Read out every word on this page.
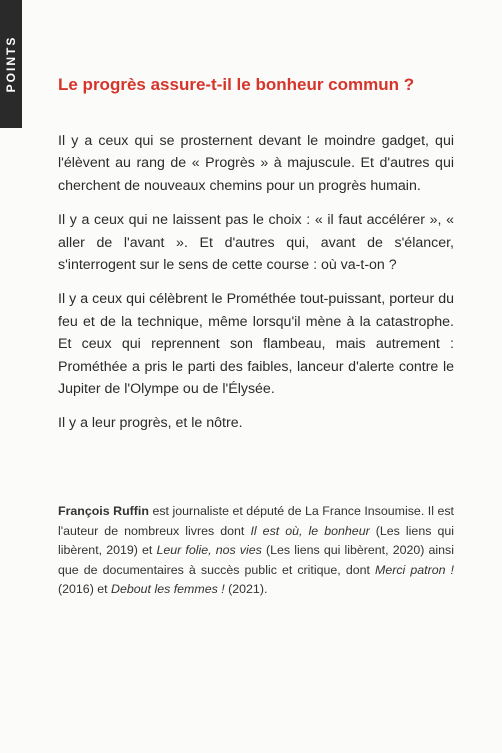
POINTS Le progrès assure-t-il le bonheur commun ?

Il y a ceux qui se prosternent devant le moindre gadget, qui l'élèvent au rang de « Progrès » à majuscule. Et d'autres qui cherchent de nouveaux chemins pour un progrès humain.

Il y a ceux qui ne laissent pas le choix : « il faut accélérer », « aller de l'avant ». Et d'autres qui, avant de s'élancer, s'interrogent sur le sens de cette course : où va-t-on ?

Il y a ceux qui célèbrent le Prométhée tout-puissant, porteur du feu et de la technique, même lorsqu'il mène à la catastrophe. Et ceux qui reprennent son flambeau, mais autrement : Prométhée a pris le parti des faibles, lanceur d'alerte contre le Jupiter de l'Olympe ou de l'Élysée.

Il y a leur progrès, et le nôtre.

François Ruffin est journaliste et député de La France Insoumise. Il est l'auteur de nombreux livres dont Il est où, le bonheur (Les liens qui libèrent, 2019) et Leur folie, nos vies (Les liens qui libèrent, 2020) ainsi que de documentaires à succès public et critique, dont Merci patron ! (2016) et Debout les femmes ! (2021).
